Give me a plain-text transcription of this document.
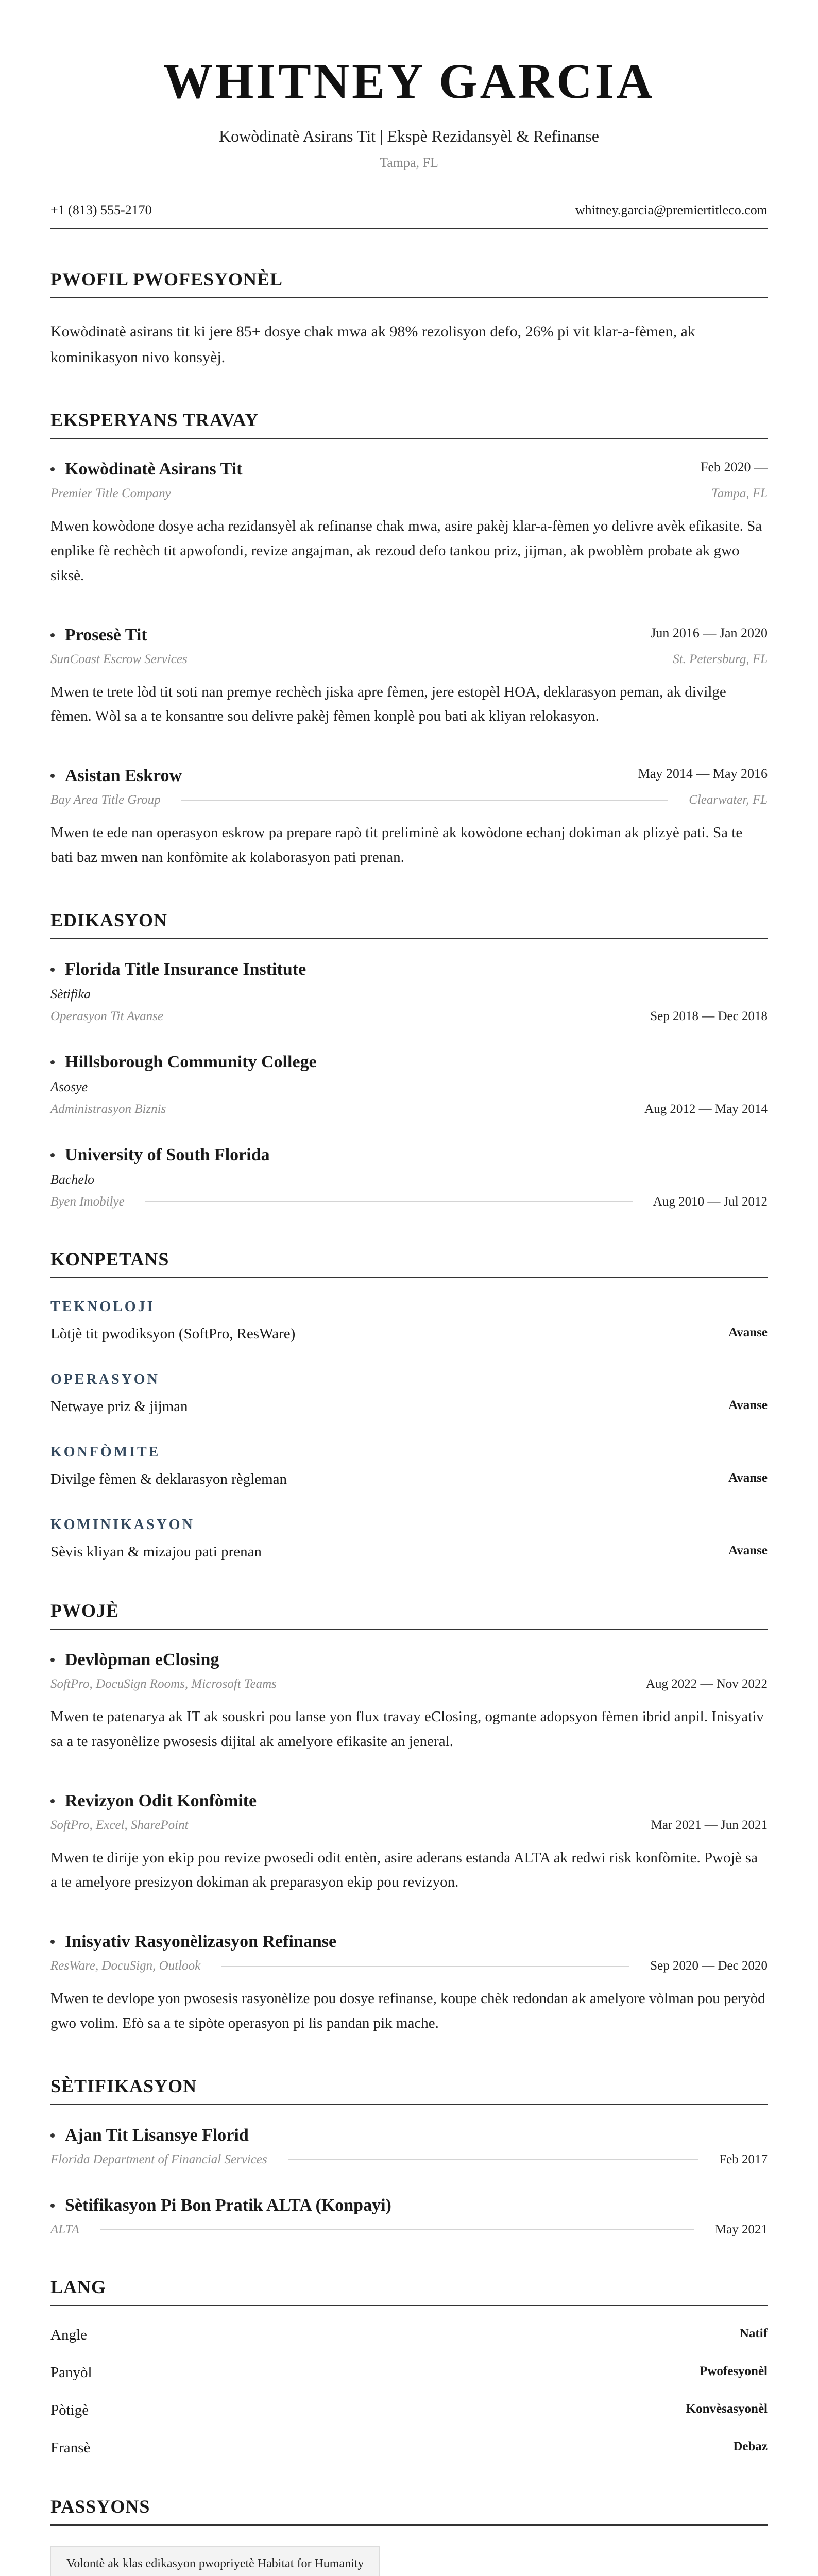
WHITNEY GARCIA
Kowòdinatè Asirans Tit | Ekspè Rezidansyèl & Refinanse
Tampa, FL
+1 (813) 555-2170	whitney.garcia@premiertitleco.com
PWOFIL PWOFESYONÈL

Kowòdinatè asirans tit ki jere 85+ dosye chak mwa ak 98% rezolisyon defo, 26% pi vit klar-a-fèmen, ak kominikasyon nivo konsyèj.

EKSPERYANS TRAVAY
Kowòdinatè Asirans Tit	Feb 2020 —
Premier Title Company	Tampa, FL

Mwen kowòdone dosye acha rezidansyèl ak refinanse chak mwa, asire pakèj klar-a-fèmen yo delivre avèk efikasite. Sa enplike fè rechèch tit apwofondi, revize angajman, ak rezoud defo tankou priz, jijman, ak pwoblèm probate ak gwo siksè.

Prosesè Tit	Jun 2016 — Jan 2020
SunCoast Escrow Services	St. Petersburg, FL

Mwen te trete lòd tit soti nan premye rechèch jiska apre fèmen, jere estopèl HOA, deklarasyon peman, ak divilge fèmen. Wòl sa a te konsantre sou delivre pakèj fèmen konplè pou bati ak kliyan relokasyon.

Asistan Eskrow	May 2014 — May 2016
Bay Area Title Group	Clearwater, FL

Mwen te ede nan operasyon eskrow pa prepare rapò tit preliminè ak kowòdone echanj dokiman ak plizyè pati. Sa te bati baz mwen nan konfòmite ak kolaborasyon pati prenan.

EDIKASYON
Florida Title Insurance Institute
Sètifika
Operasyon Tit Avanse	Sep 2018 — Dec 2018
Hillsborough Community College
Asosye
Administrasyon Biznis	Aug 2012 — May 2014
University of South Florida
Bachelo
Byen Imobilye	Aug 2010 — Jul 2012
KONPETANS
TEKNOLOJI
Lòtjè tit pwodiksyon (SoftPro, ResWare)	Avanse
OPERASYON
Netwaye priz & jijman	Avanse
KONFÒMITE
Divilge fèmen & deklarasyon règleman	Avanse
KOMINIKASYON
Sèvis kliyan & mizajou pati prenan	Avanse
PWOJÈ
Devlòpman eClosing
SoftPro, DocuSign Rooms, Microsoft Teams	Aug 2022 — Nov 2022

Mwen te patenarya ak IT ak souskri pou lanse yon flux travay eClosing, ogmante adopsyon fèmen ibrid anpil. Inisyativ sa a te rasyonèlize pwosesis dijital ak amelyore efikasite an jeneral.

Revizyon Odit Konfòmite
SoftPro, Excel, SharePoint	Mar 2021 — Jun 2021

Mwen te dirije yon ekip pou revize pwosedi odit entèn, asire aderans estanda ALTA ak redwi risk konfòmite. Pwojè sa a te amelyore presizyon dokiman ak preparasyon ekip pou revizyon.

Inisyativ Rasyonèlizasyon Refinanse
ResWare, DocuSign, Outlook	Sep 2020 — Dec 2020

Mwen te devlope yon pwosesis rasyonèlize pou dosye refinanse, koupe chèk redondan ak amelyore vòlman pou peryòd gwo volim. Efò sa a te sipòte operasyon pi lis pandan pik mache.

SÈTIFIKASYON
Ajan Tit Lisansye Florid
Florida Department of Financial Services	Feb 2017
Sètifikasyon Pi Bon Pratik ALTA (Konpayi)
ALTA	May 2021
LANG
Angle	Natif
Panyòl	Pwofesyonèl
Pòtigè	Konvèsasyonèl
Fransè	Debaz
PASSYONS
Volontè ak klas edikasyon pwopriyetè Habitat for Humanity
